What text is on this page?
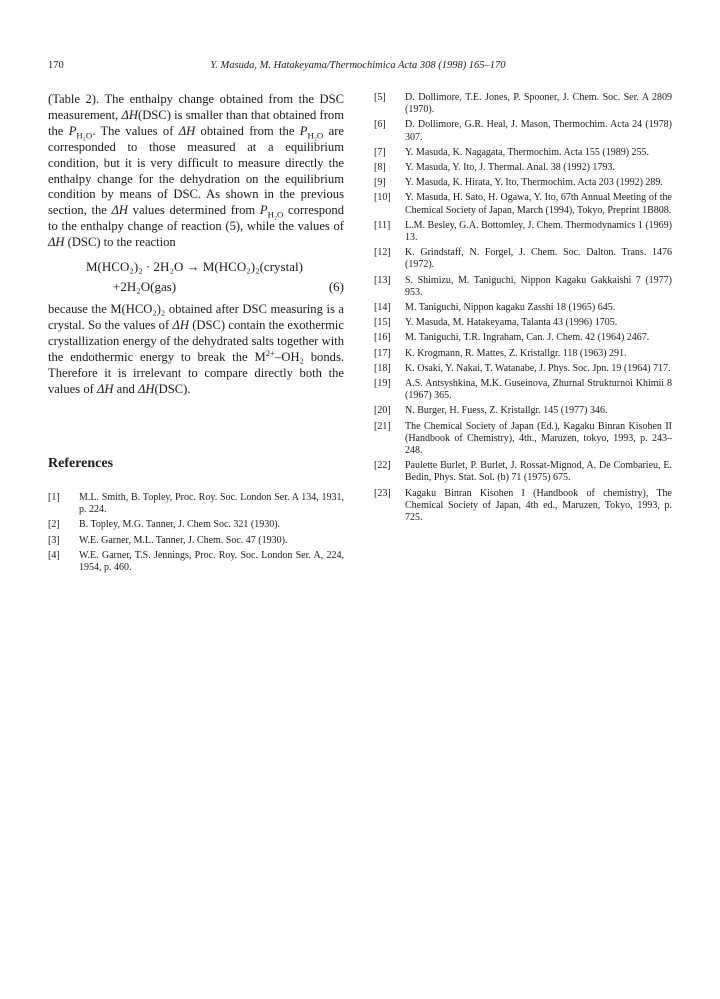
170	Y. Masuda, M. Hatakeyama/Thermochimica Acta 308 (1998) 165–170

(Table 2). The enthalpy change obtained from the DSC measurement, ΔH(DSC) is smaller than that obtained from the $P_{H_2O}$. The values of ΔH obtained from the $P_{H_2O}$ are corresponded to those measured at a equilibrium condition, but it is very difficult to measure directly the enthalpy change for the dehydration on the equilibrium condition by means of DSC. As shown in the previous section, the ΔH values determined from $P_{H_2O}$ correspond to the enthalpy change of reaction (5), while the values of ΔH (DSC) to the reaction

M(HCO₂)₂ · 2H₂O → M(HCO₂)₂(crystal)
+2H₂O(gas)	(6)

because the M(HCO₂)₂ obtained after DSC measuring is a crystal. So the values of ΔH (DSC) contain the exothermic crystallization energy of the dehydrated salts together with the endothermic energy to break the $M^{2+}$–OH₂ bonds. Therefore it is irrelevant to compare directly both the values of ΔH and ΔH(DSC).

References
[1] M.L. Smith, B. Topley, Proc. Roy. Soc. London Ser. A 134, 1931, p. 224.
[2] B. Topley, M.G. Tanner, J. Chem Soc. 321 (1930).
[3] W.E. Garner, M.L. Tanner, J. Chem. Soc. 47 (1930).
[4] W.E. Garner, T.S. Jennings, Proc. Roy. Soc. London Ser. A, 224, 1954, p. 460.
[5] D. Dollimore, T.E. Jones, P. Spooner, J. Chem. Soc. Ser. A 2809 (1970).
[6] D. Dollimore, G.R. Heal, J. Mason, Thermochim. Acta 24 (1978) 307.
[7] Y. Masuda, K. Nagagata, Thermochim. Acta 155 (1989) 255.
[8] Y. Masuda, Y. Ito, J. Thermal. Anal. 38 (1992) 1793.
[9] Y. Masuda, K. Hirata, Y. Ito, Thermochim. Acta 203 (1992) 289.
[10] Y. Masuda, H. Sato, H. Ogawa, Y. Ito, 67th Annual Meeting of the Chemical Society of Japan, March (1994), Tokyo, Preprint 1B808.
[11] L.M. Besley, G.A. Bottomley, J. Chem. Thermodynamics 1 (1969) 13.
[12] K. Grindstaff, N. Forgel, J. Chem. Soc. Dalton. Trans. 1476 (1972).
[13] S. Shimizu, M. Taniguchi, Nippon Kagaku Gakkaishi 7 (1977) 953.
[14] M. Taniguchi, Nippon kagaku Zasshi 18 (1965) 645.
[15] Y. Masuda, M. Hatakeyama, Talanta 43 (1996) 1705.
[16] M. Taniguchi, T.R. Ingraham, Can. J. Chem. 42 (1964) 2467.
[17] K. Krogmann, R. Mattes, Z. Kristallgr. 118 (1963) 291.
[18] K. Osaki, Y. Nakai, T. Watanabe, J. Phys. Soc. Jpn. 19 (1964) 717.
[19] A.S. Antsyshkina, M.K. Guseinova, Zhurnal Strukturnoi Khimii 8 (1967) 365.
[20] N. Burger, H. Fuess, Z. Kristallgr. 145 (1977) 346.
[21] The Chemical Society of Japan (Ed.), Kagaku Binran Kisohen II (Handbook of Chemistry), 4th., Maruzen, tokyo, 1993, p. 243–248.
[22] Paulette Burlet, P. Burlet, J. Rossat-Mignod, A. De Combarieu, E. Bedin, Phys. Stat. Sol. (b) 71 (1975) 675.
[23] Kagaku Binran Kisohen I (Handbook of chemistry), The Chemical Society of Japan, 4th ed., Maruzen, Tokyo, 1993, p. 725.
